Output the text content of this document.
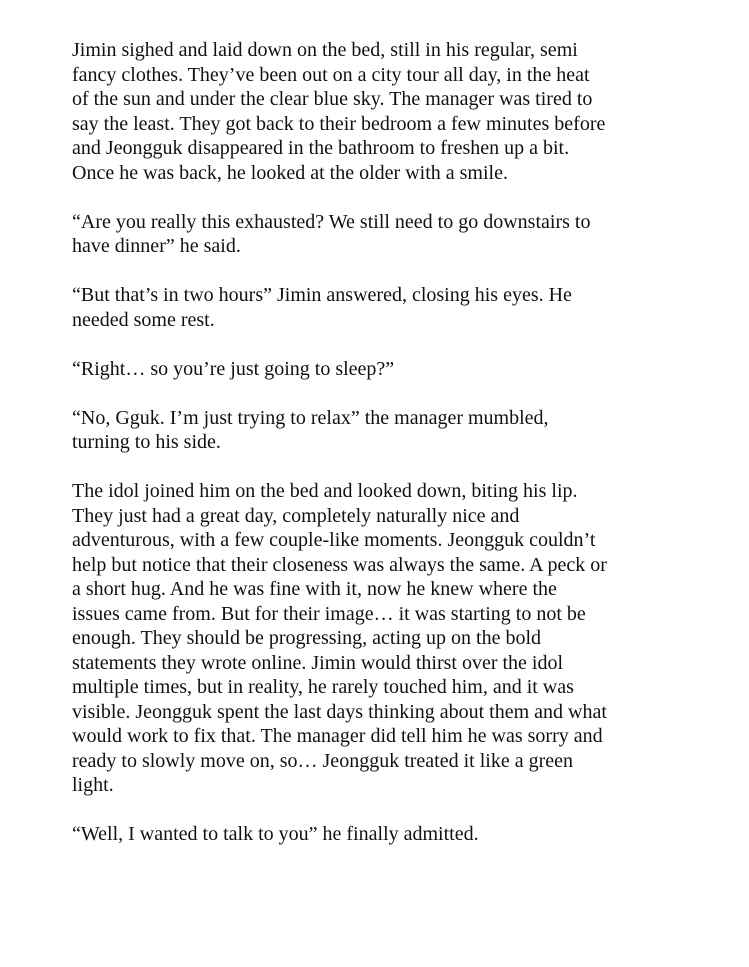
Jimin sighed and laid down on the bed, still in his regular, semi
fancy clothes. They’ve been out on a city tour all day, in the heat
of the sun and under the clear blue sky. The manager was tired to
say the least. They got back to their bedroom a few minutes before
and Jeongguk disappeared in the bathroom to freshen up a bit.
Once he was back, he looked at the older with a smile.

“Are you really this exhausted? We still need to go downstairs to
have dinner” he said.

“But that’s in two hours” Jimin answered, closing his eyes. He
needed some rest.

“Right… so you’re just going to sleep?”

“No, Gguk. I’m just trying to relax” the manager mumbled,
turning to his side.

The idol joined him on the bed and looked down, biting his lip.
They just had a great day, completely naturally nice and
adventurous, with a few couple-like moments. Jeongguk couldn’t
help but notice that their closeness was always the same. A peck or
a short hug. And he was fine with it, now he knew where the
issues came from. But for their image… it was starting to not be
enough. They should be progressing, acting up on the bold
statements they wrote online. Jimin would thirst over the idol
multiple times, but in reality, he rarely touched him, and it was
visible. Jeongguk spent the last days thinking about them and what
would work to fix that. The manager did tell him he was sorry and
ready to slowly move on, so… Jeongguk treated it like a green
light.

“Well, I wanted to talk to you” he finally admitted.
